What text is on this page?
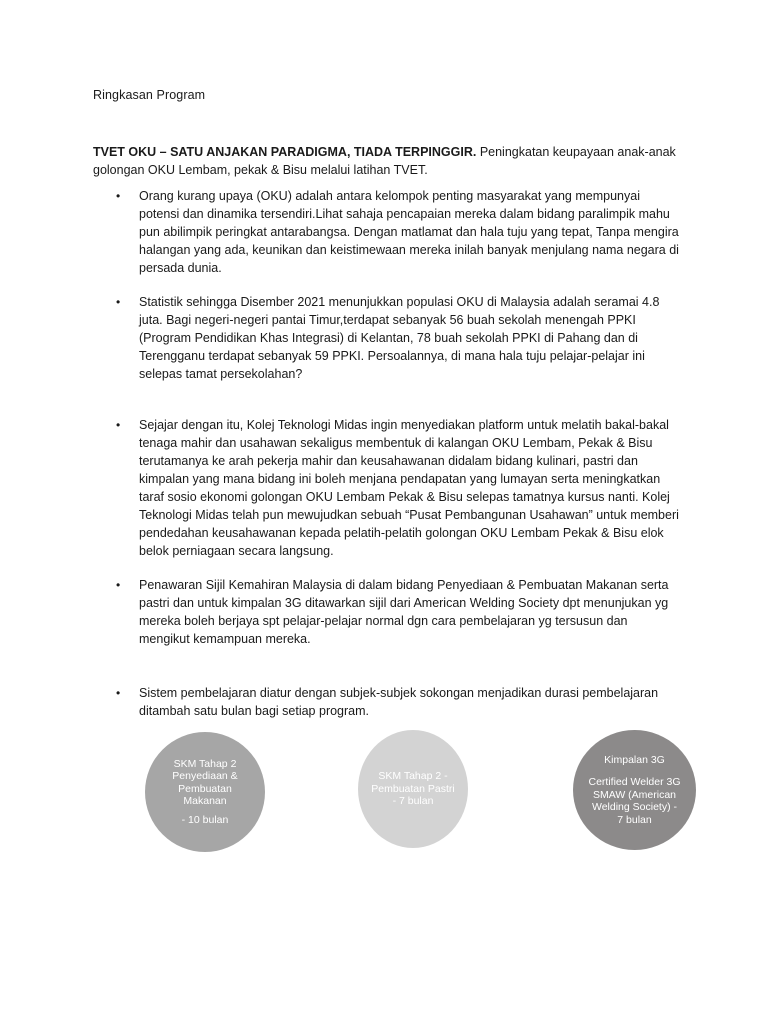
Ringkasan Program
TVET OKU – SATU ANJAKAN PARADIGMA, TIADA TERPINGGIR. Peningkatan keupayaan anak-anak golongan OKU Lembam, pekak & Bisu melalui latihan TVET.
• Orang kurang upaya (OKU) adalah antara kelompok penting masyarakat yang mempunyai potensi dan dinamika tersendiri.Lihat sahaja pencapaian mereka dalam bidang paralimpik mahu pun abilimpik peringkat antarabangsa. Dengan matlamat dan hala tuju yang tepat, Tanpa mengira halangan yang ada, keunikan dan keistimewaan mereka inilah banyak menjulang nama negara di persada dunia.
• Statistik sehingga Disember 2021 menunjukkan populasi OKU di Malaysia adalah seramai 4.8 juta. Bagi negeri-negeri pantai Timur,terdapat sebanyak 56 buah sekolah menengah PPKI (Program Pendidikan Khas Integrasi) di Kelantan, 78 buah sekolah PPKI di Pahang dan di Terengganu terdapat sebanyak 59 PPKI. Persoalannya, di mana hala tuju pelajar-pelajar ini selepas tamat persekolahan?
• Sejajar dengan itu, Kolej Teknologi Midas ingin menyediakan platform untuk melatih bakal-bakal tenaga mahir dan usahawan sekaligus membentuk di kalangan OKU Lembam, Pekak & Bisu terutamanya ke arah pekerja mahir dan keusahawanan didalam bidang kulinari, pastri dan kimpalan yang mana bidang ini boleh menjana pendapatan yang lumayan serta meningkatkan taraf sosio ekonomi golongan OKU Lembam Pekak & Bisu selepas tamatnya kursus nanti. Kolej Teknologi Midas telah pun mewujudkan sebuah “Pusat Pembangunan Usahawan” untuk memberi pendedahan keusahawanan kepada pelatih-pelatih golongan OKU Lembam Pekak & Bisu elok belok perniagaan secara langsung.
• Penawaran Sijil Kemahiran Malaysia di dalam bidang Penyediaan & Pembuatan Makanan serta pastri dan untuk kimpalan 3G ditawarkan sijil dari American Welding Society dpt menunjukan yg mereka boleh berjaya spt pelajar-pelajar normal dgn cara pembelajaran yg tersusun dan mengikut kemampuan mereka.
• Sistem pembelajaran diatur dengan subjek-subjek sokongan menjadikan durasi pembelajaran ditambah satu bulan bagi setiap program.

SKM Tahap 2 Penyediaan & Pembuatan Makanan

- 10 bulan

SKM Tahap 2 - Pembuatan Pastri - 7 bulan

Kimpalan 3G

Certified Welder 3G SMAW (American Welding Society) - 7 bulan
